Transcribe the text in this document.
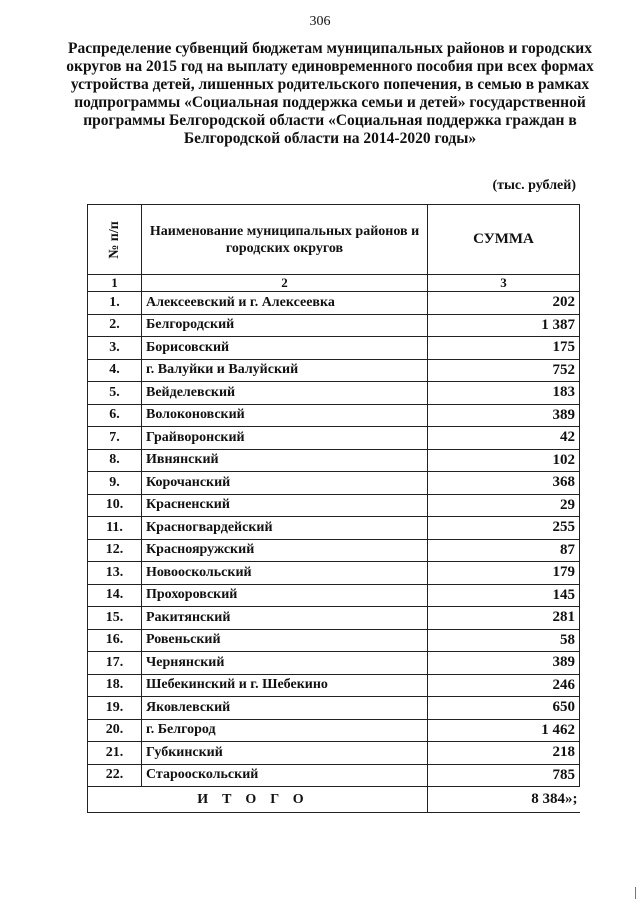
306
Распределение субвенций бюджетам муниципальных районов и городских округов на 2015 год на выплату единовременного пособия при всех формах устройства детей, лишенных родительского попечения, в семью в рамках подпрограммы «Социальная поддержка семьи и детей» государственной программы Белгородской области «Социальная поддержка граждан в Белгородской области на 2014-2020 годы»
(тыс. рублей)
№ п/п	Наименование муниципальных районов и городских округов	СУММА
1	2	3
1.	Алексеевский и г. Алексеевка	202
2.	Белгородский	1 387
3.	Борисовский	175
4.	г. Валуйки и Валуйский	752
5.	Вейделевский	183
6.	Волоконовский	389
7.	Грайворонский	42
8.	Ивнянский	102
9.	Корочанский	368
10.	Красненский	29
11.	Красногвардейский	255
12.	Краснояружский	87
13.	Новооскольский	179
14.	Прохоровский	145
15.	Ракитянский	281
16.	Ровеньский	58
17.	Чернянский	389
18.	Шебекинский и г. Шебекино	246
19.	Яковлевский	650
20.	г. Белгород	1 462
21.	Губкинский	218
22.	Старооскольский	785
ИТОГО		8 384»;
